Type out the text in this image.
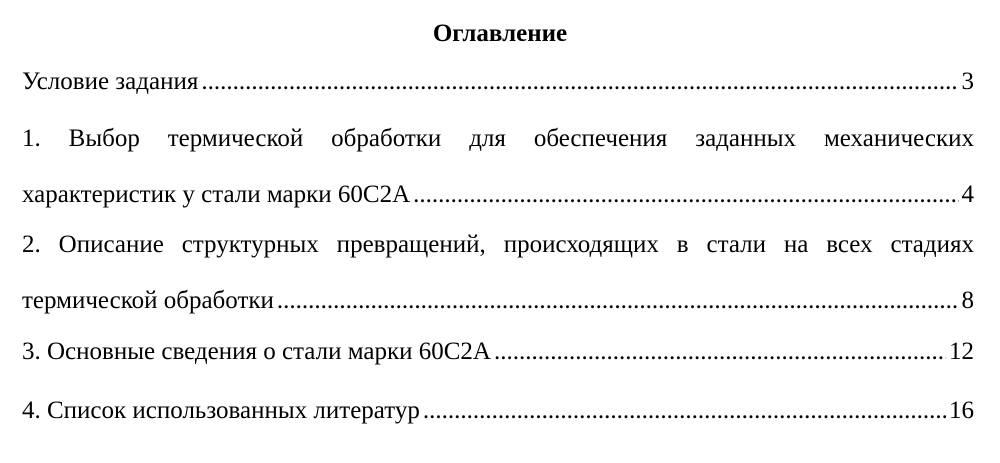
Оглавление
Условие задания .....	3
1. Выбор термической обработки для обеспечения заданных механических
характеристик у стали марки 60С2А .....	4
2. Описание структурных превращений, происходящих в стали на всех стадиях
термической обработки .....	8
3. Основные сведения о стали марки 60С2А .....	12
4. Список использованных литератур .....	16
